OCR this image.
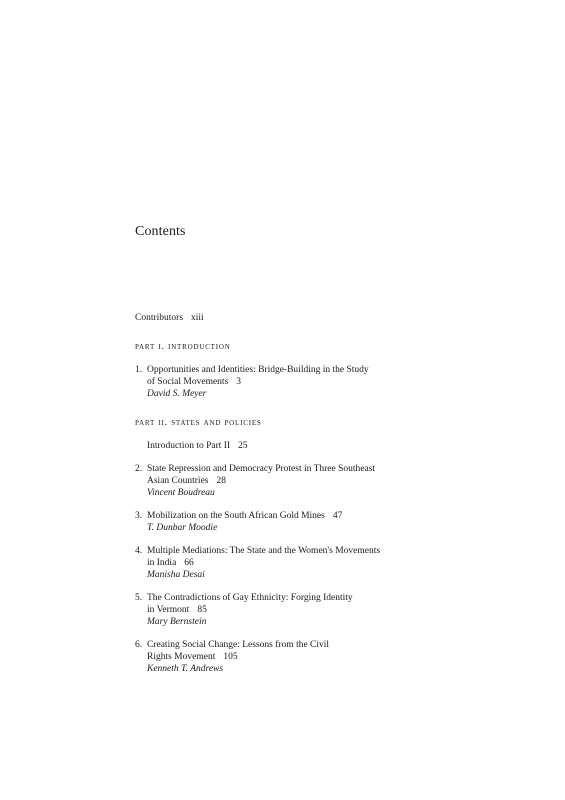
Contents
Contributors xiii
part i. introduction
1. Opportunities and Identities: Bridge-Building in the Study
of Social Movements 3
David S. Meyer
part ii. states and policies
Introduction to Part II 25
2. State Repression and Democracy Protest in Three Southeast
Asian Countries 28
Vincent Boudreau
3. Mobilization on the South African Gold Mines 47
T. Dunbar Moodie
4. Multiple Mediations: The State and the Women's Movements
in India 66
Manisha Desai
5. The Contradictions of Gay Ethnicity: Forging Identity
in Vermont 85
Mary Bernstein
6. Creating Social Change: Lessons from the Civil
Rights Movement 105
Kenneth T. Andrews
